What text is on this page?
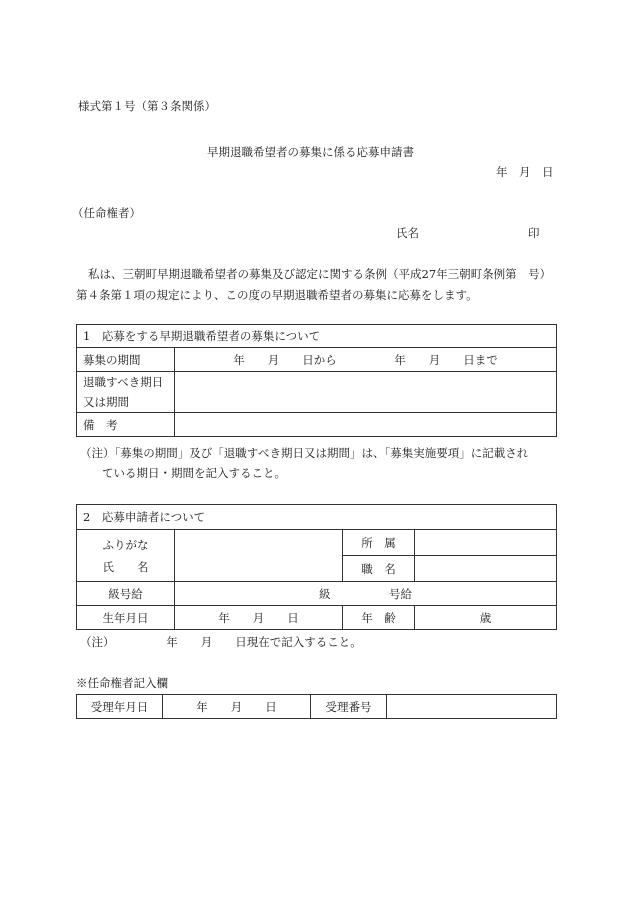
様式第１号（第３条関係）
早期退職希望者の募集に係る応募申請書
年　月　日
（任命権者）
氏名	印
私は、三朝町早期退職希望者の募集及び認定に関する条例（平成27年三朝町条例第　号）
第４条第１項の規定により、この度の早期退職希望者の募集に応募をします。
1　応募をする早期退職希望者の募集について	
募集の期間	年　　月　　日から　　　　　年　　月　　日まで
退職すべき期日
又は期間	
備　考	
（注）「募集の期間」及び「退職すべき期日又は期間」は、「募集実施要項」に記載され
ている期日・期間を記入すること。
2　応募申請者について			
ふりがな
氏　　名		所　属	
		職　名	
級号給	級 号給		

生年月日	年　　月　　日	年　齢	歳
（注）　　　　　年　　月　　日現在で記入すること。
※任命権者記入欄
受理年月日	年　　月　　日	受理番号	
